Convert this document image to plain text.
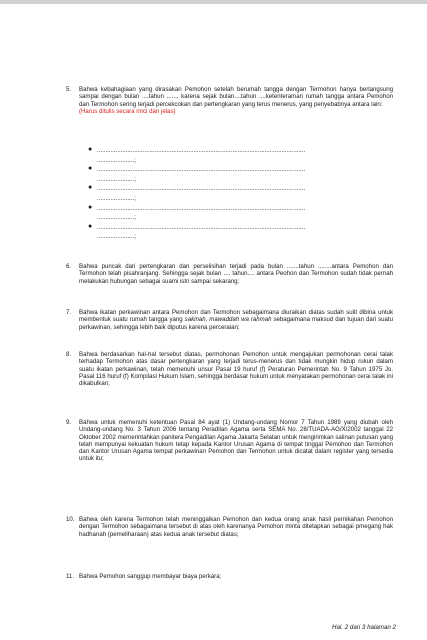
5. Bahwa kebahagiaan yang dirasakan Pemohon setelah berumah tangga dengan Termohon hanya berlangsung sampai dengan bulan ....tahun ......, karena sejak bulan....tahun ....ketenteraman rumah tangga antara Pemohon dan Termohon sering terjadi percekcokan dan pertengkaran yang terus menerus, yang penyebabnya antara lain:
(Harus ditulis secara rinci dan jelas)
● ...........................................................................................................................
......................;
● ...........................................................................................................................
......................;
● ...........................................................................................................................
......................;
● ...........................................................................................................................
......................;
● ...........................................................................................................................
......................;
6. Bahwa puncak dari pertengkaran dan perselisihan terjadi pada bulan .......tahun ........antara Pemohon dan Termohon telah pisahranjang. Sehingga sejak bulan .... tahun.... antara Peohon dan Termohon sudah tidak pernah melakukan hubungan sebagai suami istri sampai sekarang;
7. Bahwa ikatan perkawinan antara Pemohon dan Termohon sebagaimana diuraikan diatas sudah sulit dibina untuk membentuk suatu rumah tangga yang sakinah, mawaddah wa rahmah sebagaimana maksud dan tujuan dari suatu perkawinan, sehingga lebih baik diputus karena perceraian;
8. Bahwa berdasarkan hal-hal tersebut diatas, permohonan Pemohon untuk mengajukan permohonan cerai talak terhadap Termohon atas dasar pertengkaran yang terjadi terus-menerus dan tidak mungkin hidup rukun dalam suatu ikatan perkawinan, telah memenuhi unsur Pasal 19 huruf (f) Peraturan Pemerintah No. 9 Tahun 1975 Jo. Pasal 116 huruf (f) Kompilasi Hukum Islam, sehingga berdasar hukum untuk menyatakan permohonan cerai talak ini dikabulkan;
9. Bahwa untuk memenuhi ketentuan Pasal 84 ayat (1) Undang-undang Nomor 7 Tahun 1989 yang diubah oleh Undang-undang No. 3 Tahun 2006 tentang Peradilan Agama serta SEMA No. 28/TUADA-AG/X/2002 tanggal 22 Oktober 2002 memerintahkan panitera Pengadilan Agama Jakarta Selatan untuk mengirimkan salinan putusan yang telah mempunyai kekuatan hukum tetap kepada Kantor Urusan Agama di tempat tinggal Pemohon dan Termohon dan Kantor Urusan Agama tempat perkawinan Pemohon dan Termohon untuk dicatat dalam register yang tersedia untuk itu;
10. Bahwa oleh karena Termohon telah meninggalkan Pemohon dan kedua orang anak hasil pernikahan Pemohon dengan Termohon sebagaimana tersebut di atas oleh karenanya Pemohon minta ditetapkan sebagai pmegang hak hadhanah (pemeliharaan) atas kedua anak tersebut diatas;
11. Bahwa Pemohon sanggup membayar biaya perkara;
Hal. 2 dari 3 halaman 2
